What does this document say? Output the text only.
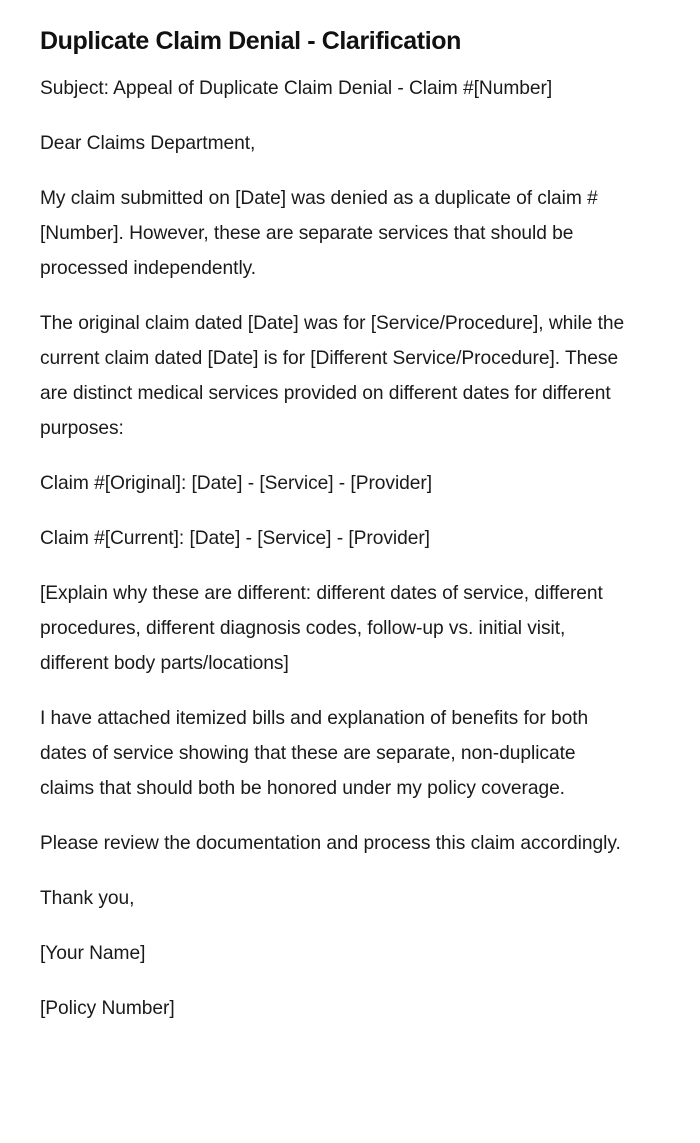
Duplicate Claim Denial - Clarification

Subject: Appeal of Duplicate Claim Denial - Claim #[Number]

Dear Claims Department,

My claim submitted on [Date] was denied as a duplicate of claim #[Number]. However, these are separate services that should be processed independently.

The original claim dated [Date] was for [Service/Procedure], while the current claim dated [Date] is for [Different Service/Procedure]. These are distinct medical services provided on different dates for different purposes:

Claim #[Original]: [Date] - [Service] - [Provider]

Claim #[Current]: [Date] - [Service] - [Provider]

[Explain why these are different: different dates of service, different procedures, different diagnosis codes, follow-up vs. initial visit, different body parts/locations]

I have attached itemized bills and explanation of benefits for both dates of service showing that these are separate, non-duplicate claims that should both be honored under my policy coverage.

Please review the documentation and process this claim accordingly.

Thank you,

[Your Name]

[Policy Number]
